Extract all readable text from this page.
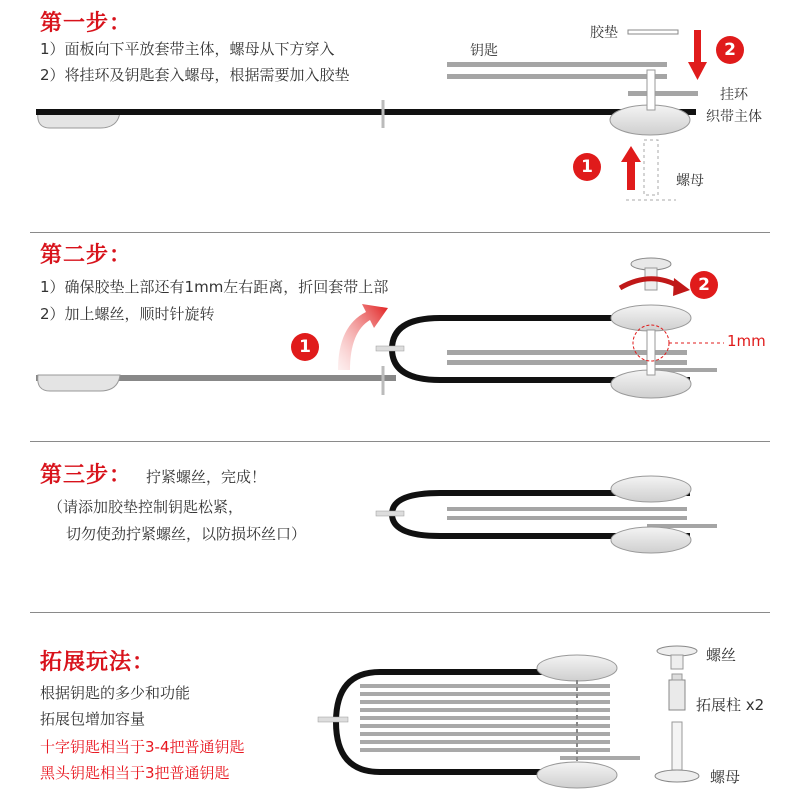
第一步：
1）面板向下平放套带主体，螺母从下方穿入
2）将挂环及钥匙套入螺母，根据需要加入胶垫
胶垫
钥匙
挂环
织带主体
螺母
1
2
第二步：
1）确保胶垫上部还有1mm左右距离，折回套带上部
2）加上螺丝，顺时针旋转
1mm
1
2
第三步： 拧紧螺丝，完成！
（请添加胶垫控制钥匙松紧，
切勿使劲拧紧螺丝，以防损坏丝口）
拓展玩法：
根据钥匙的多少和功能
拓展包增加容量
十字钥匙相当于3-4把普通钥匙
黑头钥匙相当于3把普通钥匙
螺丝
拓展柱 x2
螺母
